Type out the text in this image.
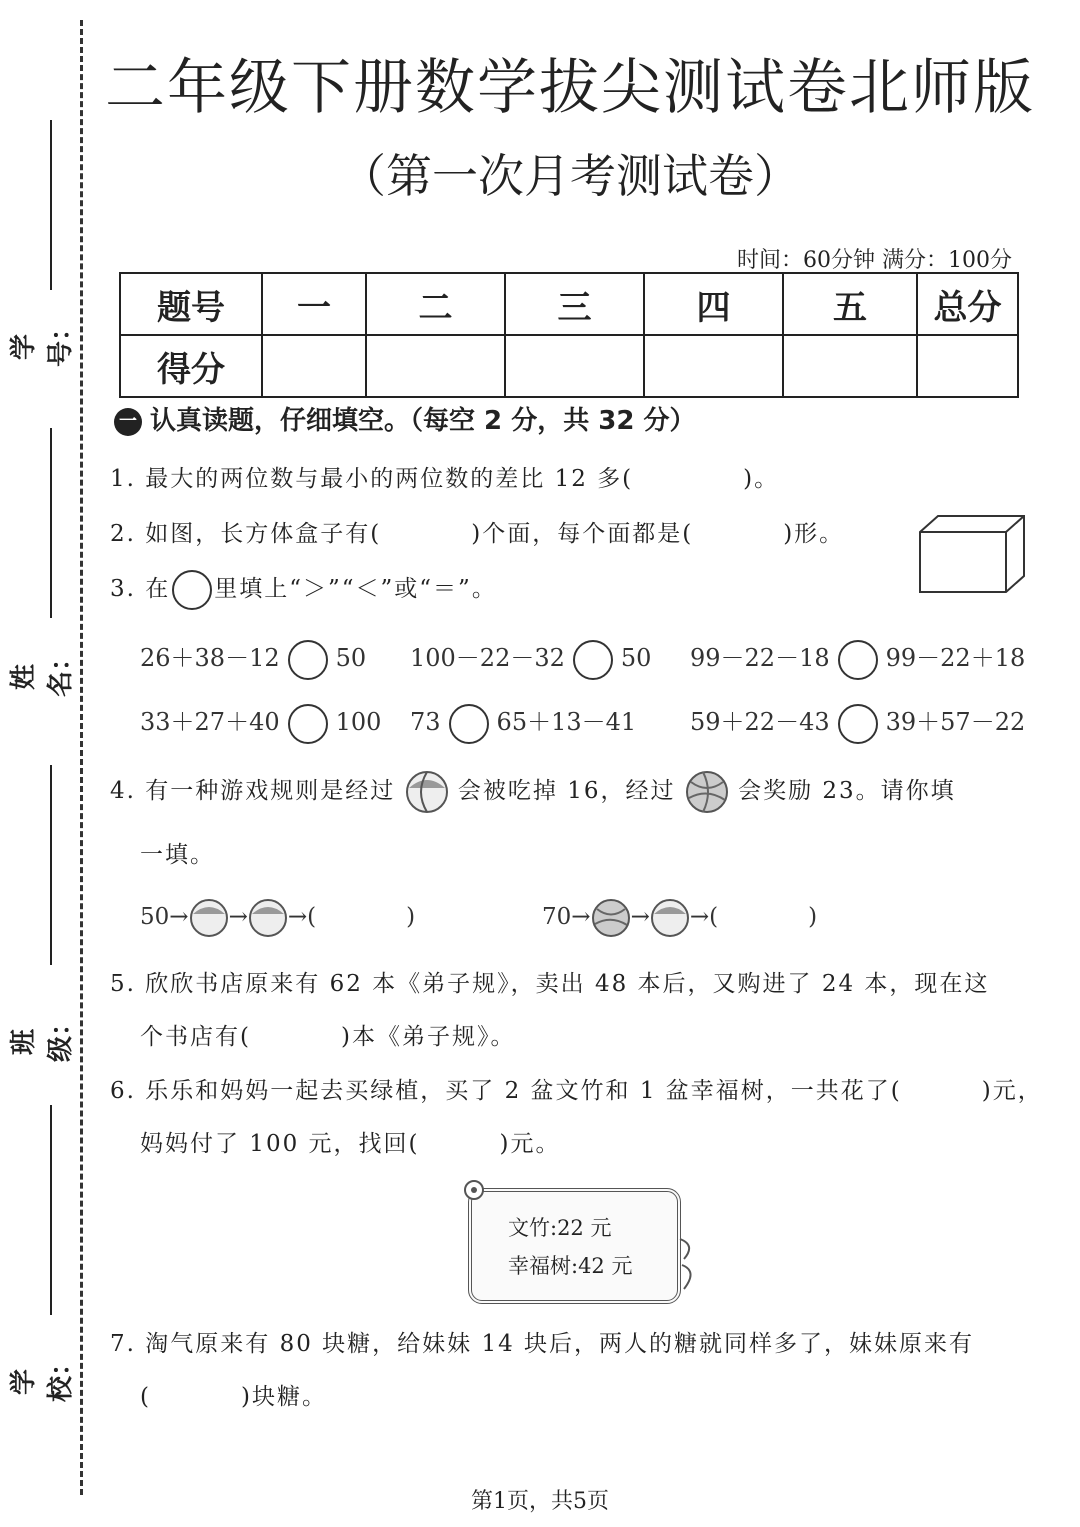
学号：
姓名：
班级：
学校：
二年级下册数学拔尖测试卷北师版
（第一次月考测试卷）
时间：60分钟 满分：100分
题号	一	二	三	四	五	总分
得分						
一 认真读题，仔细填空。（每空 2 分，共 32 分）
1. 最大的两位数与最小的两位数的差比 12 多(	)。
2. 如图，长方体盒子有(	)个面，每个面都是(	)形。
3. 在 里填上“＞”“＜”或“＝”。
26＋38－12 50 100－22－32 50 99－22－18 99－22＋18
33＋27＋40 100 73 65＋13－41 59＋22－43 39＋57－22
4. 有一种游戏规则是经过	会被吃掉 16，经过	会奖励 23。请你填
一填。
50→ → →(	)	70→ → →(	)
5. 欣欣书店原来有 62 本《弟子规》，卖出 48 本后，又购进了 24 本，现在这
个书店有(	)本《弟子规》。
6. 乐乐和妈妈一起去买绿植，买了 2 盆文竹和 1 盆幸福树，一共花了(	)元，
妈妈付了 100 元，找回(	)元。
文竹:22 元
幸福树:42 元
7. 淘气原来有 80 块糖，给妹妹 14 块后，两人的糖就同样多了，妹妹原来有
(	)块糖。
第1页，共5页
